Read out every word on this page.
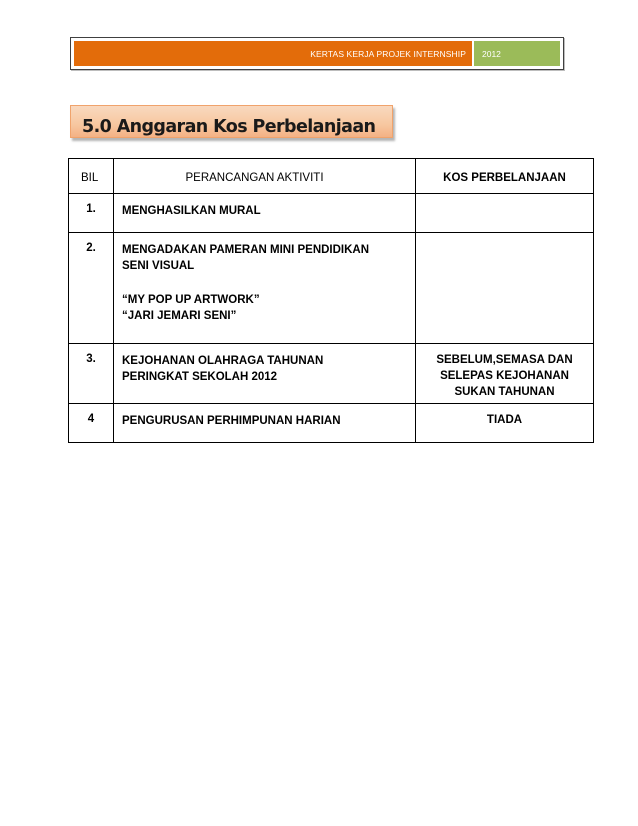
KERTAS KERJA PROJEK INTERNSHIP	2012
5.0 Anggaran Kos Perbelanjaan
BIL	PERANCANGAN AKTIVITI	KOS PERBELANJAAN
1.	MENGHASILKAN MURAL	

2.	MENGADAKAN PAMERAN MINI PENDIDIKAN
SENI VISUAL
“MY POP UP ARTWORK”
“JARI JEMARI SENI”	

3.	KEJOHANAN OLAHRAGA TAHUNAN
PERINGKAT SEKOLAH 2012	SEBELUM,SEMASA DAN
SELEPAS KEJOHANAN
SUKAN TAHUNAN

4	PENGURUSAN PERHIMPUNAN HARIAN	TIADA
